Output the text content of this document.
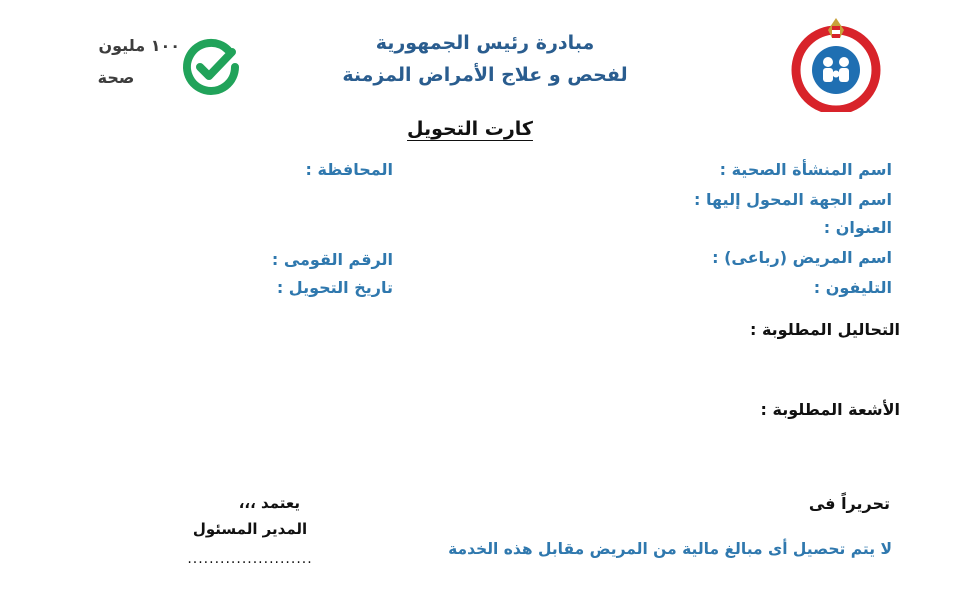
١٠٠ مليون
صحة
مبادرة رئيس الجمهورية
لفحص و علاج الأمراض المزمنة
كارت التحويل
اسم المنشأة الصحية :
اسم الجهة المحول إليها :
العنوان :
اسم المريض (رباعى) :
التليفون :
المحافظة :
الرقم القومى :
تاريخ التحويل :
التحاليل المطلوبة :
الأشعة المطلوبة :
تحريراً فى
يعتمد ،،،
المدير المسئول
.......................
لا يتم تحصيل أى مبالغ مالية من المريض مقابل هذه الخدمة
